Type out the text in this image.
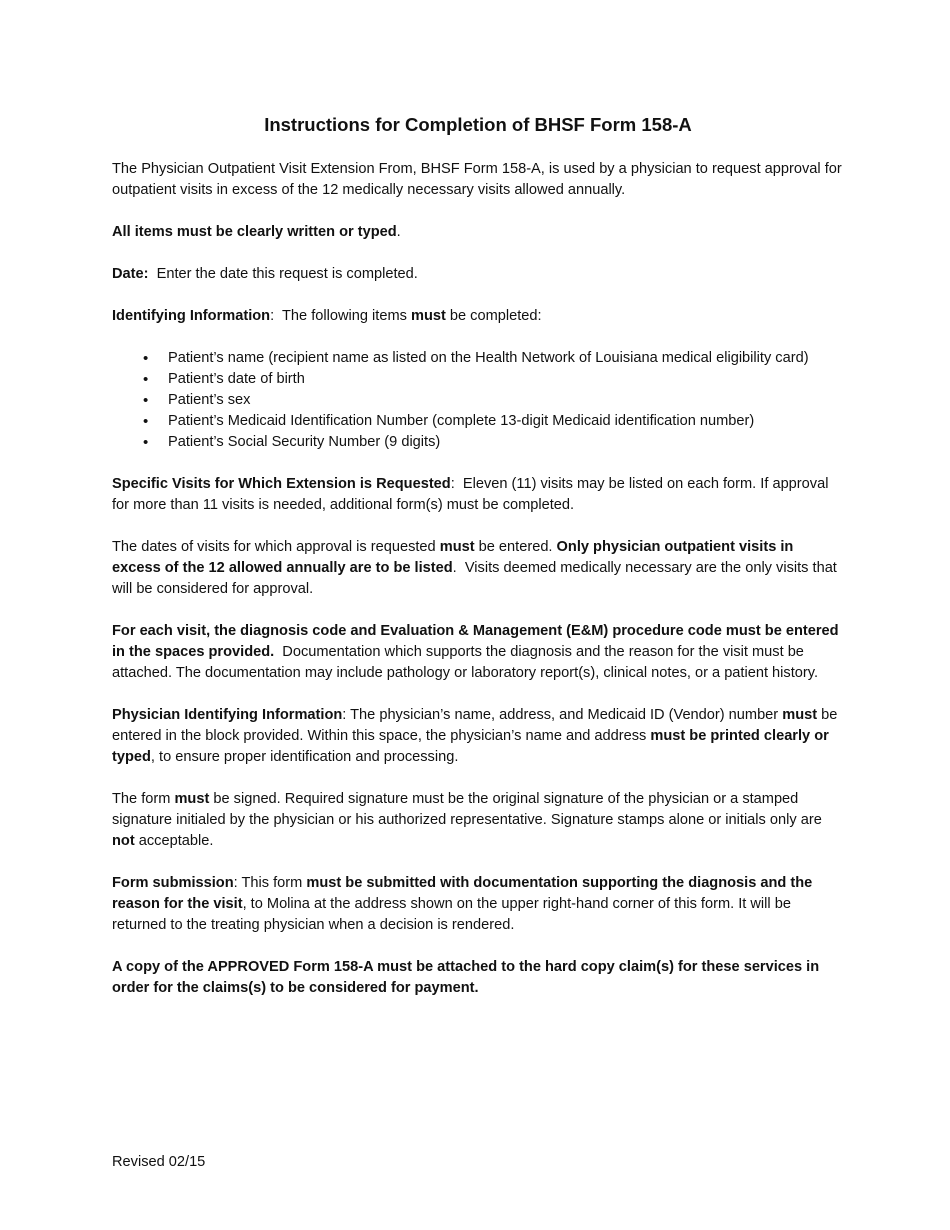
Instructions for Completion of BHSF Form 158-A

The Physician Outpatient Visit Extension From, BHSF Form 158-A, is used by a physician to request approval for outpatient visits in excess of the 12 medically necessary visits allowed annually.

All items must be clearly written or typed.

Date:  Enter the date this request is completed.

Identifying Information:  The following items must be completed:

• Patient’s name (recipient name as listed on the Health Network of Louisiana medical eligibility card)
• Patient’s date of birth
• Patient’s sex
• Patient’s Medicaid Identification Number (complete 13-digit Medicaid identification number)
• Patient’s Social Security Number (9 digits)

Specific Visits for Which Extension is Requested:  Eleven (11) visits may be listed on each form. If approval for more than 11 visits is needed, additional form(s) must be completed.

The dates of visits for which approval is requested must be entered. Only physician outpatient visits in excess of the 12 allowed annually are to be listed.  Visits deemed medically necessary are the only visits that will be considered for approval.

For each visit, the diagnosis code and Evaluation & Management (E&M) procedure code must be entered in the spaces provided.  Documentation which supports the diagnosis and the reason for the visit must be attached. The documentation may include pathology or laboratory report(s), clinical notes, or a patient history.

Physician Identifying Information: The physician’s name, address, and Medicaid ID (Vendor) number must be entered in the block provided. Within this space, the physician’s name and address must be printed clearly or typed, to ensure proper identification and processing.

The form must be signed. Required signature must be the original signature of the physician or a stamped signature initialed by the physician or his authorized representative. Signature stamps alone or initials only are not acceptable.

Form submission: This form must be submitted with documentation supporting the diagnosis and the reason for the visit, to Molina at the address shown on the upper right-hand corner of this form. It will be returned to the treating physician when a decision is rendered.

A copy of the APPROVED Form 158-A must be attached to the hard copy claim(s) for these services in order for the claims(s) to be considered for payment.

Revised 02/15
